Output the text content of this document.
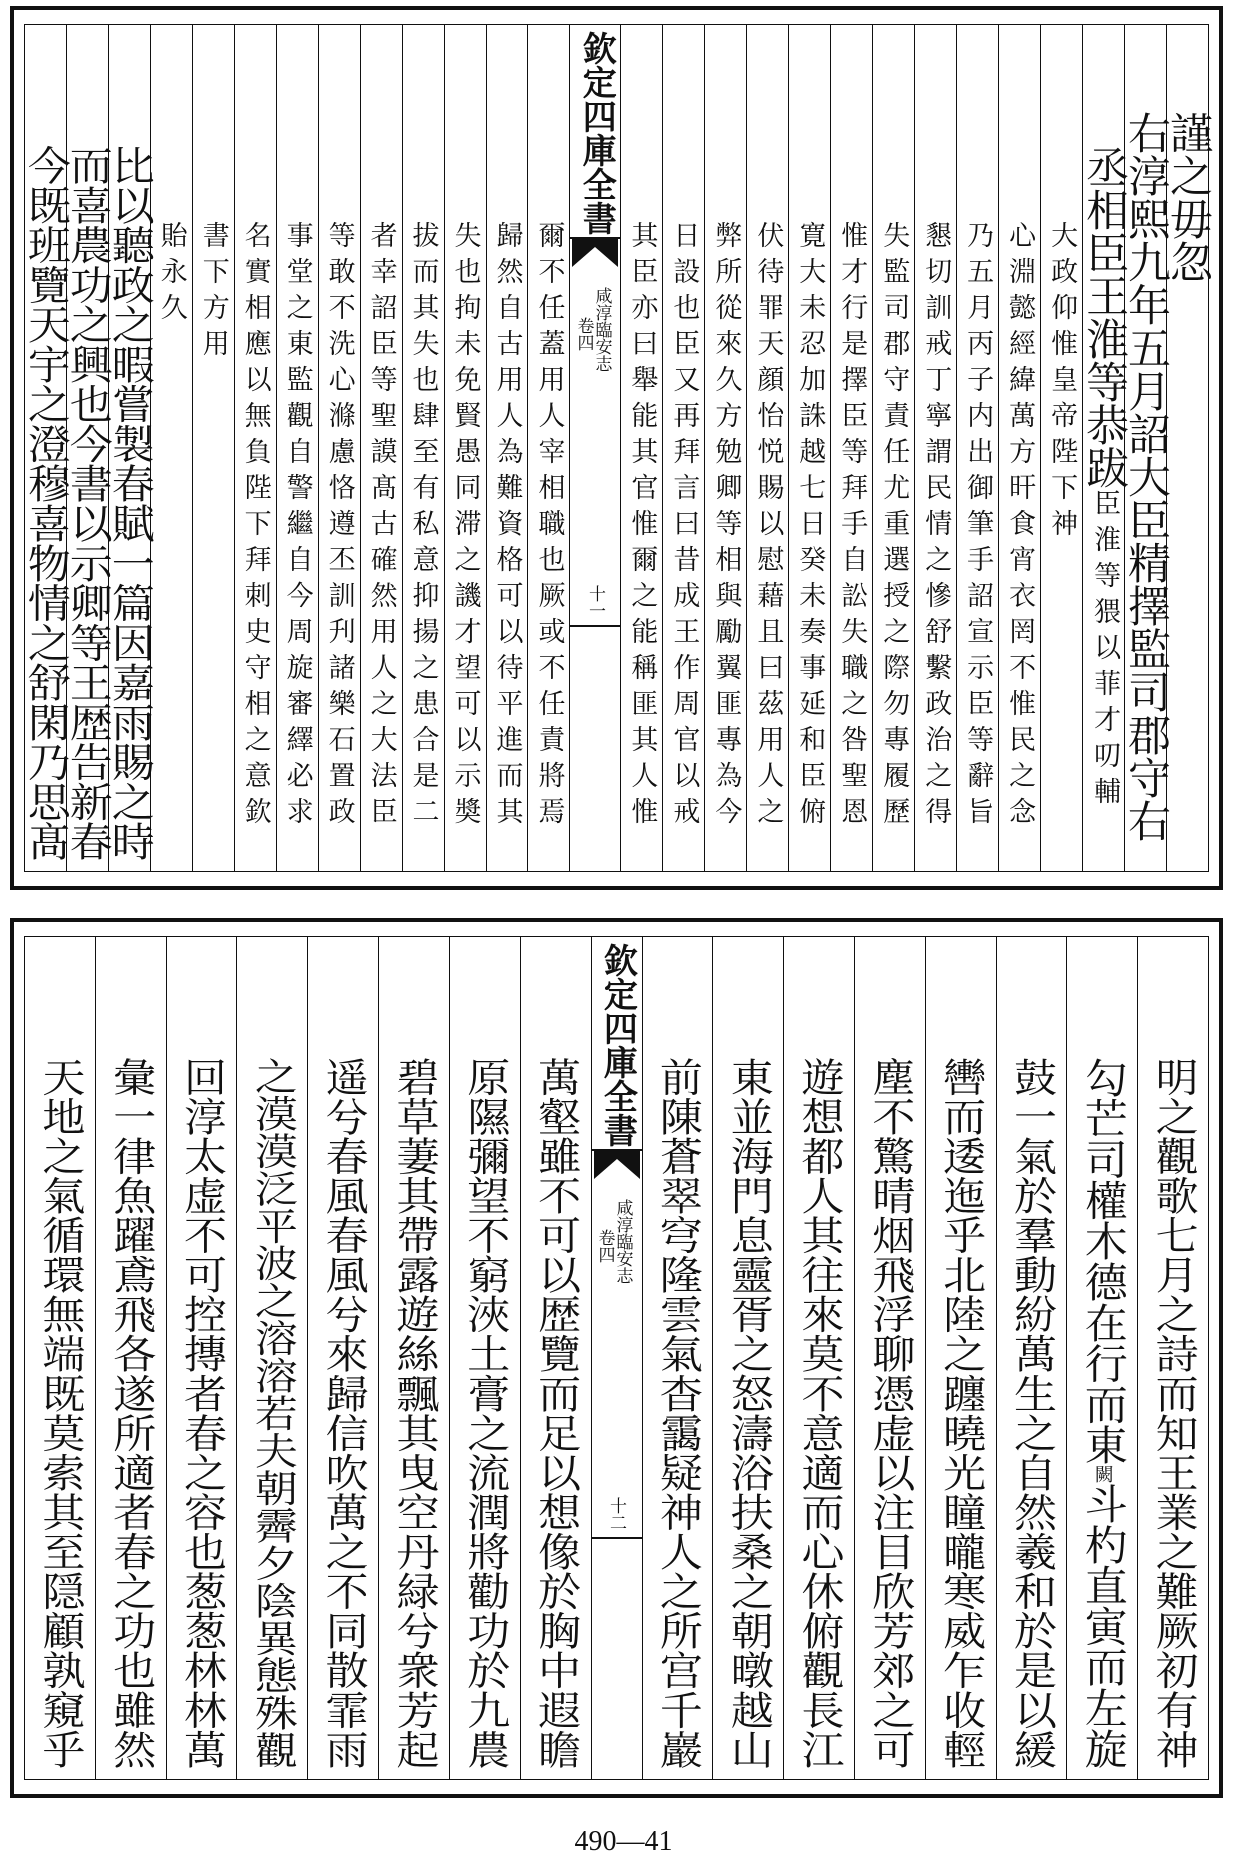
謹之毋忽
右淳熙九年五月詔大臣精擇監司郡守右
丞相臣王淮等恭跋臣淮等猥以菲才叨輔
大政仰惟皇帝陛下神
心淵懿經緯萬方旰食宵衣罔不惟民之念
乃五月丙子内出御筆手詔宣示臣等辭旨
懇切訓戒丁寧謂民情之慘舒繫政治之得
失監司郡守責任尤重選授之際勿專履歷
惟才行是擇臣等拜手自訟失職之咎聖恩
寛大未忍加誅越七日癸未奏事延和臣俯
伏待罪天顔怡悦賜以慰藉且曰茲用人之
弊所從來久方勉卿等相與勵翼匪專為今
日設也臣又再拜言曰昔成王作周官以戒
其臣亦曰舉能其官惟爾之能稱匪其人惟
欽定四庫全書
咸淳臨安志
卷四
十一
爾不任蓋用人宰相職也厥或不任責將焉
歸然自古用人為難資格可以待平進而其
失也拘未免賢愚同滞之譏才望可以示奬
拔而其失也肆至有私意抑揚之患合是二
者幸詔臣等聖謨髙古確然用人之大法臣
等敢不洗心滌慮恪遵丕訓刋諸樂石置政
事堂之東監觀自警繼自今周旋審繹必求
名實相應以無負陛下拜刺史守相之意欽
書下方用
貽永久
比以聽政之暇嘗製春賦一篇因嘉雨賜之時
而喜農功之興也今書以示卿等王歴告新春
今既班覽天宇之澄穆喜物情之舒閑乃思髙
明之觀歌七月之詩而知王業之難厥初有神
勾芒司權木德在行而東闕斗杓直寅而左旋
鼓一氣於羣動紛萬生之自然羲和於是以緩
轡而逶迤乎北陸之躔曉光瞳曨寒威乍收輕
塵不驚晴烟飛浮聊憑虚以注目欣芳郊之可
遊想都人其往來莫不意適而心休俯觀長江
東並海門息靈胥之怒濤浴扶桑之朝暾越山
前陳蒼翠穹隆雲氣杳靄疑神人之所宫千巖
欽定四庫全書
咸淳臨安志
卷四
十二
萬壑雖不可以歴覽而足以想像於胸中遐瞻
原隰彌望不窮浹土膏之流潤將勸功於九農
碧草萋其帶露遊絲飄其曳空丹緑兮衆芳起
遥兮春風春風兮來歸信吹萬之不同散霏雨
之漠漠泛平波之溶溶若夫朝霽夕陰異態殊觀
回淳太虚不可控摶者春之容也葱葱林林萬
彙一律魚躍鳶飛各遂所適者春之功也雖然
天地之氣循環無端既莫索其至隠顧孰窺乎
490—41
